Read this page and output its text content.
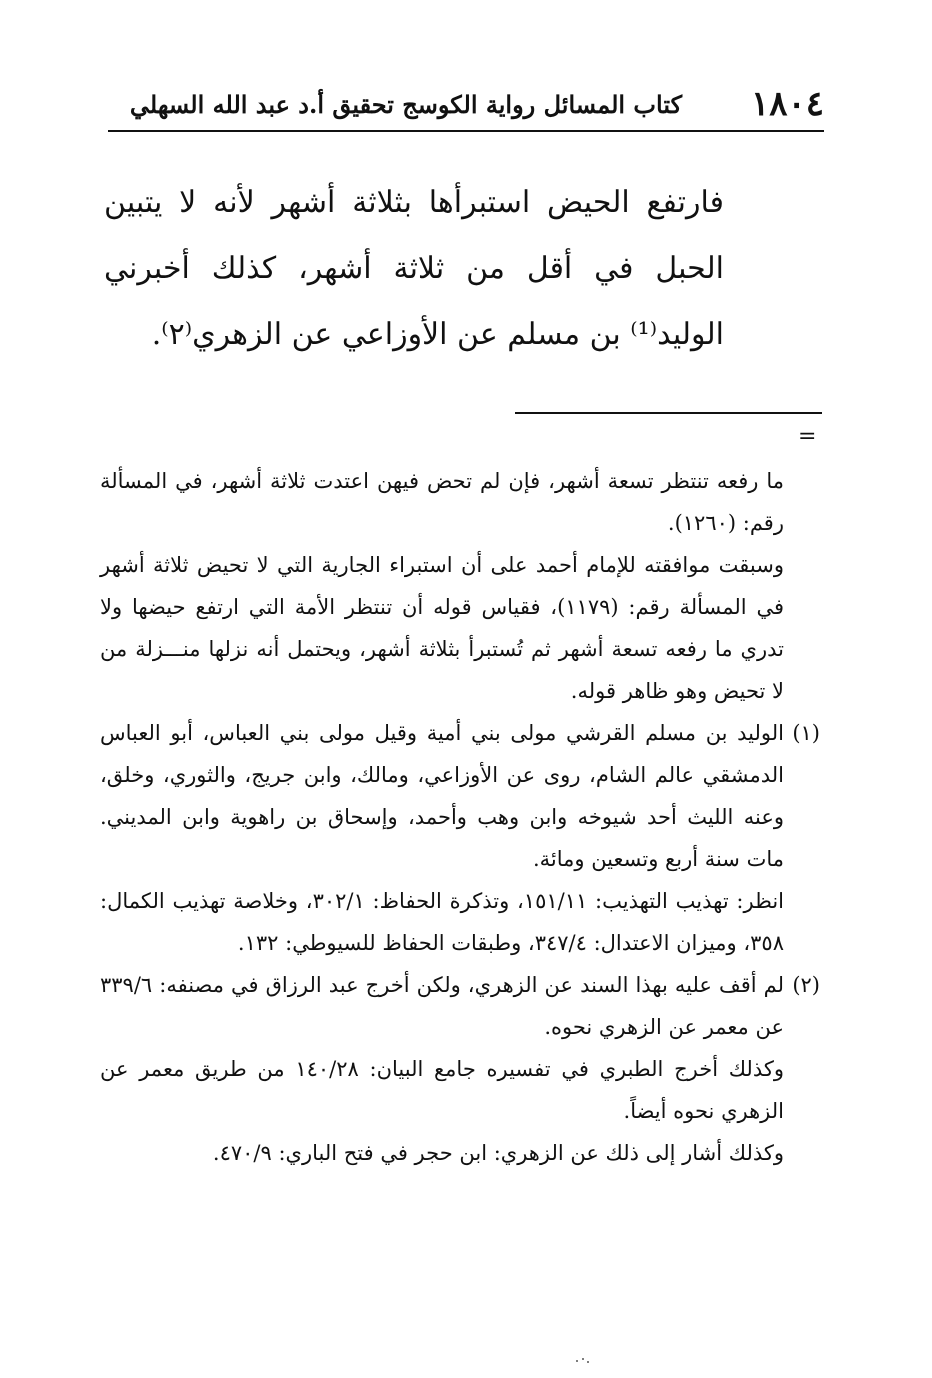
١٨٠٤
كتاب المسائل رواية الكوسج تحقيق أ.د عبد الله السهلي

فارتفع الحيض استبرأها بثلاثة أشهر لأنه لا يتبين الحبل في أقل من ثلاثة أشهر، كذلك أخبرني الوليد⁽¹⁾ بن مسلم عن الأوزاعي عن الزهري⁽٢⁾.

=

ما رفعه تنتظر تسعة أشهر، فإن لم تحض فيهن اعتدت ثلاثة أشهر، في المسألة رقم: (١٢٦٠).

وسبقت موافقته للإمام أحمد على أن استبراء الجارية التي لا تحيض ثلاثة أشهر في المسألة رقم: (١١٧٩)، فقياس قوله أن تنتظر الأمة التي ارتفع حيضها ولا تدري ما رفعه تسعة أشهر ثم تُستبرأ بثلاثة أشهر، ويحتمل أنه نزلها منـــزلة من لا تحيض وهو ظاهر قوله.

(١)

الوليد بن مسلم القرشي مولى بني أمية وقيل مولى بني العباس، أبو العباس الدمشقي عالم الشام، روى عن الأوزاعي، ومالك، وابن جريج، والثوري، وخلق، وعنه الليث أحد شيوخه وابن وهب وأحمد، وإسحاق بن راهوية وابن المديني. مات سنة أربع وتسعين ومائة.

انظر: تهذيب التهذيب: ١٥١/١١، وتذكرة الحفاظ: ٣٠٢/١، وخلاصة تهذيب الكمال: ٣٥٨، وميزان الاعتدال: ٣٤٧/٤، وطبقات الحفاظ للسيوطي: ١٣٢.

(٢)

لم أقف عليه بهذا السند عن الزهري، ولكن أخرج عبد الرزاق في مصنفه: ٣٣٩/٦ عن معمر عن الزهري نحوه.

وكذلك أخرج الطبري في تفسيره جامع البيان: ١٤٠/٢٨ من طريق معمر عن الزهري نحوه أيضاً.

وكذلك أشار إلى ذلك عن الزهري: ابن حجر في فتح الباري: ٤٧٠/٩.
